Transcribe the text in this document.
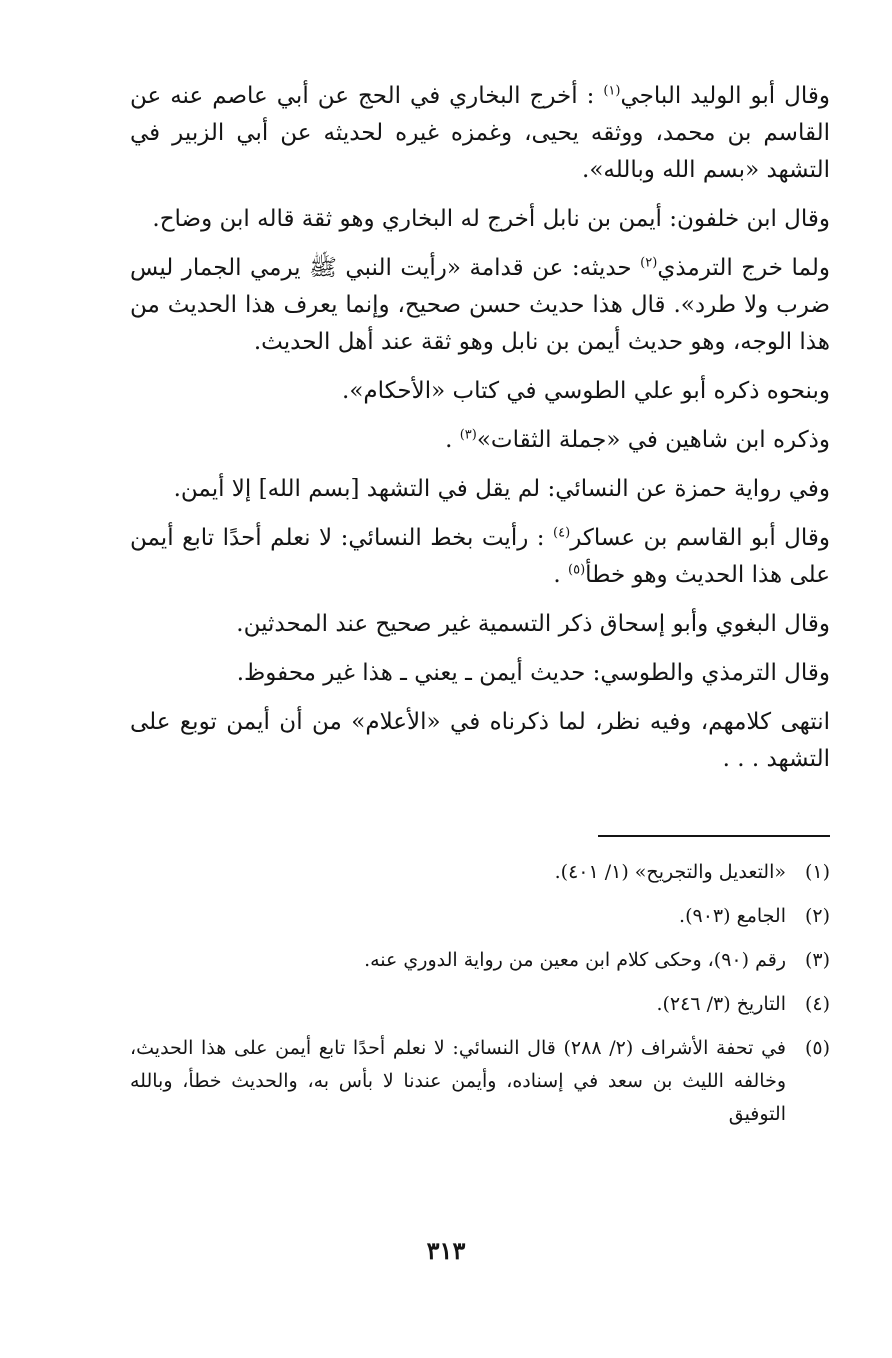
وقال أبو الوليد الباجي$^{(١)}$ : أخرج البخاري في الحج عن أبي عاصم عنه عن القاسم بن محمد، ووثقه يحيى، وغمزه غيره لحديثه عن أبي الزبير في التشهد «بسم الله وبالله».

وقال ابن خلفون: أيمن بن نابل أخرج له البخاري وهو ثقة قاله ابن وضاح.

ولما خرج الترمذي$^{(٢)}$ حديثه: عن قدامة «رأيت النبي ﷺ يرمي الجمار ليس ضرب ولا طرد». قال هذا حديث حسن صحيح، وإنما يعرف هذا الحديث من هذا الوجه، وهو حديث أيمن بن نابل وهو ثقة عند أهل الحديث.

وبنحوه ذكره أبو علي الطوسي في كتاب «الأحكام».

وذكره ابن شاهين في «جملة الثقات»$^{(٣)}$ .

وفي رواية حمزة عن النسائي: لم يقل في التشهد [بسم الله] إلا أيمن.

وقال أبو القاسم بن عساكر$^{(٤)}$ : رأيت بخط النسائي: لا نعلم أحدًا تابع أيمن على هذا الحديث وهو خطأ$^{(٥)}$ .

وقال البغوي وأبو إسحاق ذكر التسمية غير صحيح عند المحدثين.

وقال الترمذي والطوسي: حديث أيمن ـ يعني ـ هذا غير محفوظ.

انتهى كلامهم، وفيه نظر، لما ذكرناه في «الأعلام» من أن أيمن توبع على التشهد . . .

(١)
«التعديل والتجريح» (١/ ٤٠١).
(٢)
الجامع (٩٠٣).
(٣)
رقم (٩٠)، وحكى كلام ابن معين من رواية الدوري عنه.
(٤)
التاريخ (٣/ ٢٤٦).
(٥)
في تحفة الأشراف (٢/ ٢٨٨) قال النسائي: لا نعلم أحدًا تابع أيمن على هذا الحديث، وخالفه الليث بن سعد في إسناده، وأيمن عندنا لا بأس به، والحديث خطأ، وبالله التوفيق
٣١٣
